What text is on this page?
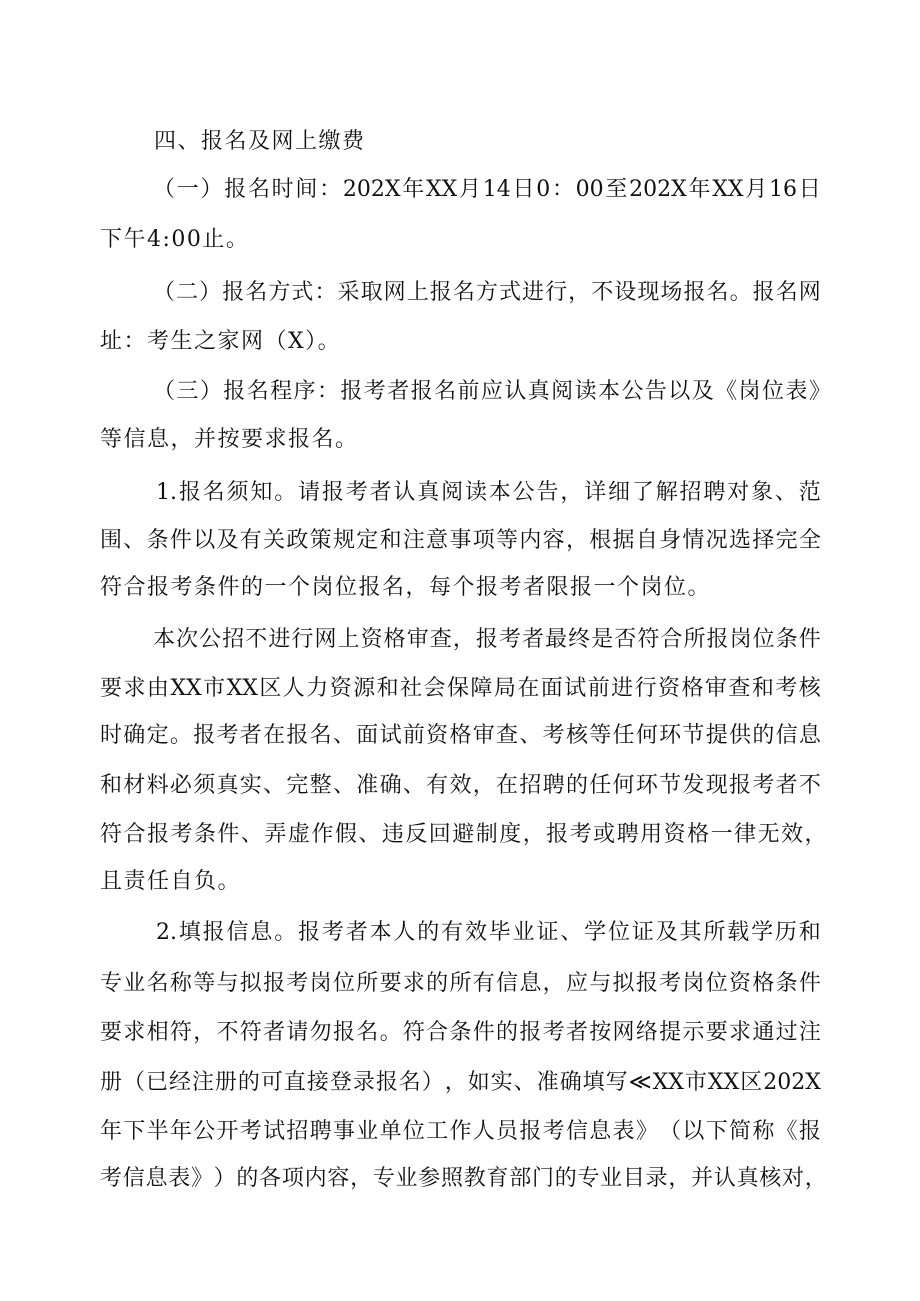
四、报名及网上缴费
（ 一 ） 报 名 时 间 ： 202X 年 XX 月 14 日 0 ： 00 至 202X 年 XX 月 16 日
下午4:00止。
（ 二 ） 报 名 方 式 ： 采 取 网 上 报 名 方 式 进 行 ， 不 设 现 场 报 名 。 报 名 网
址：考生之家网（X）。
（ 三 ） 报 名 程 序 ： 报 考 者 报 名 前 应 认 真 阅 读 本 公 告 以 及 《 岗 位 表 》
等信息，并按要求报名。
1. 报 名 须 知 。 请 报 考 者 认 真 阅 读 本 公 告 ， 详 细 了 解 招 聘 对 象 、 范
围 、 条 件 以 及 有 关 政 策 规 定 和 注 意 事 项 等 内 容 ， 根 据 自 身 情 况 选 择 完 全
符合报考条件的一个岗位报名，每个报考者限报一个岗位。
本 次 公 招 不 进 行 网 上 资 格 审 查 ， 报 考 者 最 终 是 否 符 合 所 报 岗 位 条 件
要 求 由 XX 市 XX 区 人 力 资 源 和 社 会 保 障 局 在 面 试 前 进 行 资 格 审 查 和 考 核
时 确 定 。 报 考 者 在 报 名 、 面 试 前 资 格 审 查 、 考 核 等 任 何 环 节 提 供 的 信 息
和 材 料 必 须 真 实 、 完 整 、 准 确 、 有 效 ， 在 招 聘 的 任 何 环 节 发 现 报 考 者 不
符 合 报 考 条 件 、 弄 虚 作 假 、 违 反 回 避 制 度 ， 报 考 或 聘 用 资 格 一 律 无 效 ，
且责任自负。
2. 填 报 信 息 。 报 考 者 本 人 的 有 效 毕 业 证 、 学 位 证 及 其 所 载 学 历 和
专 业 名 称 等 与 拟 报 考 岗 位 所 要 求 的 所 有 信 息 ， 应 与 拟 报 考 岗 位 资 格 条 件
要 求 相 符 ， 不 符 者 请 勿 报 名 。 符 合 条 件 的 报 考 者 按 网 络 提 示 要 求 通 过 注
册 （ 已 经 注 册 的 可 直 接 登 录 报 名 ） ， 如 实 、 准 确 填 写 ≪ XX 市 XX 区 202X
年 下 半 年 公 开 考 试 招 聘 事 业 单 位 工 作 人 员 报 考 信 息 表 》 （ 以 下 简 称 《 报
考 信 息 表 》 ） 的 各 项 内 容 ， 专 业 参 照 教 育 部 门 的 专 业 目 录 ， 并 认 真 核 对 ，
